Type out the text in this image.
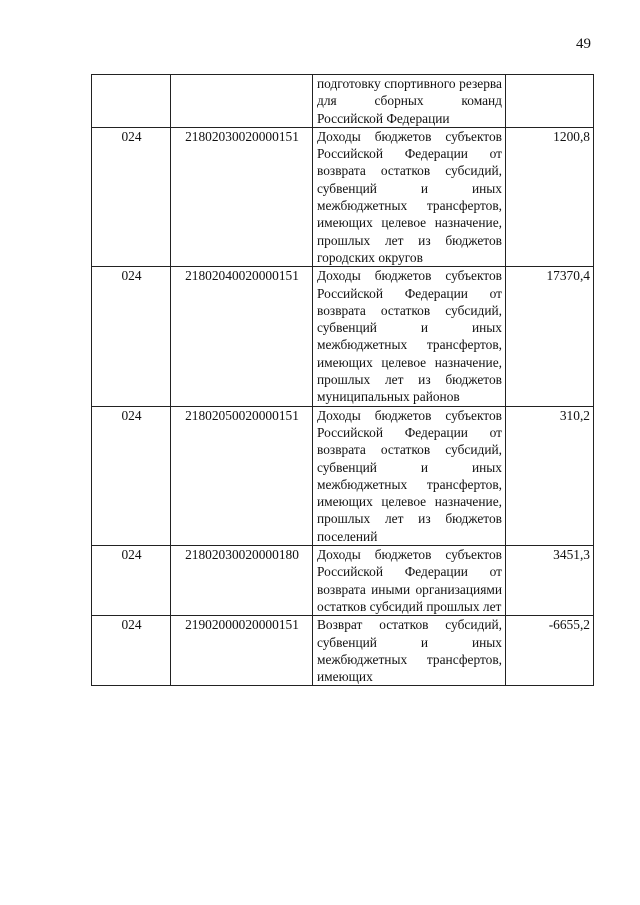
49
		подготовку спортивного резерва для сборных команд Российской Федерации	
024	21802030020000151	Доходы бюджетов субъектов Российской Федерации от возврата остатков субсидий, субвенций и иных межбюджетных трансфертов, имеющих целевое назначение, прошлых лет из бюджетов городских округов	1200,8
024	21802040020000151	Доходы бюджетов субъектов Российской Федерации от возврата остатков субсидий, субвенций и иных межбюджетных трансфертов, имеющих целевое назначение, прошлых лет из бюджетов муниципальных районов	17370,4
024	21802050020000151	Доходы бюджетов субъектов Российской Федерации от возврата остатков субсидий, субвенций и иных межбюджетных трансфертов, имеющих целевое назначение, прошлых лет из бюджетов поселений	310,2
024	21802030020000180	Доходы бюджетов субъектов Российской Федерации от возврата иными организациями остатков субсидий прошлых лет	3451,3
024	21902000020000151	Возврат остатков субсидий, субвенций и иных межбюджетных трансфертов, имеющих	-6655,2
